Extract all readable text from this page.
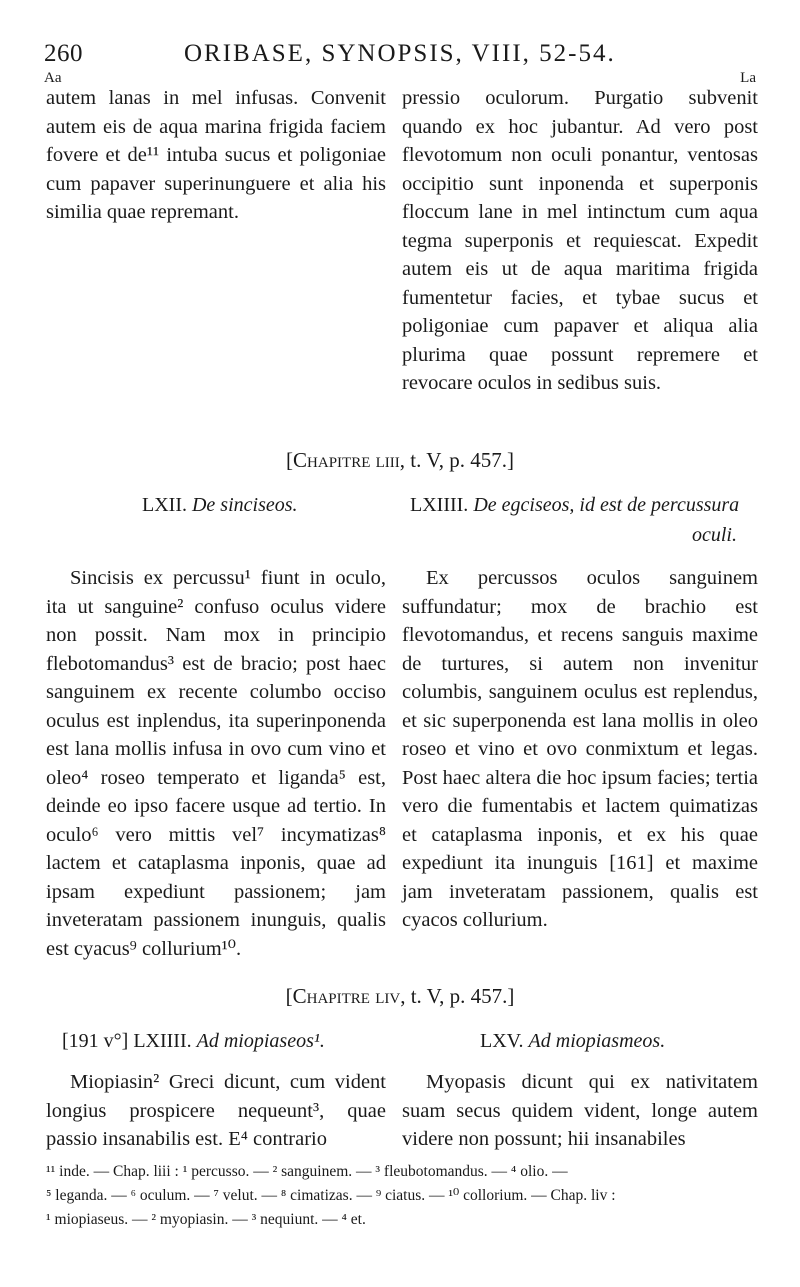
260	ORIBASE, SYNOPSIS, VIII, 52-54.
Aa	La

autem lanas in mel infusas. Convenit autem eis de aqua marina frigida faciem fovere et de¹¹ intuba sucus et poligoniae cum papaver superinunguere et alia his similia quae repremant.

pressio oculorum. Purgatio subvenit quando ex hoc jubantur. Ad vero post flevotomum non oculi ponantur, ventosas occipitio sunt inponenda et superponis floccum lane in mel intinctum cum aqua tegma superponis et requiescat. Expedit autem eis ut de aqua maritima frigida fumentetur facies, et tybae sucus et poligoniae cum papaver et aliqua alia plurima quae possunt repremere et revocare oculos in sedibus suis.

[Chapitre liii, t. V, p. 457.]
LXII. De sinciseos.	LXIIII. De egciseos, id est de percussura
oculi.

Sincisis ex percussu¹ fiunt in oculo, ita ut sanguine² confuso oculus videre non possit. Nam mox in principio flebotomandus³ est de bracio; post haec sanguinem ex recente columbo occiso oculus est inplendus, ita superinponenda est lana mollis infusa in ovo cum vino et oleo⁴ roseo temperato et liganda⁵ est, deinde eo ipso facere usque ad tertio. In oculo⁶ vero mittis vel⁷ incymatizas⁸ lactem et cataplasma inponis, quae ad ipsam expediunt passionem; jam inveteratam passionem inunguis, qualis est cyacus⁹ collurium¹⁰.

Ex percussos oculos sanguinem suffundatur; mox de brachio est flevotomandus, et recens sanguis maxime de turtures, si autem non invenitur columbis, sanguinem oculus est replendus, et sic superponenda est lana mollis in oleo roseo et vino et ovo conmixtum et legas. Post haec altera die hoc ipsum facies; tertia vero die fumentabis et lactem quimatizas et cataplasma inponis, et ex his quae expediunt ita inunguis [161] et maxime jam inveteratam passionem, qualis est cyacos collurium.

[Chapitre liv, t. V, p. 457.]
[191 v°] LXIIII. Ad miopiaseos¹.	LXV. Ad miopiasmeos.

Miopiasin² Greci dicunt, cum vident longius prospicere nequeunt³, quae passio insanabilis est. E⁴ contrario

Myopasis dicunt qui ex nativitatem suam secus quidem vident, longe autem videre non possunt; hii insanabiles

¹¹ inde. — Chap. liii : ¹ percusso. — ² sanguinem. — ³ fleubotomandus. — ⁴ olio. —

⁵ leganda. — ⁶ oculum. — ⁷ velut. — ⁸ cimatizas. — ⁹ ciatus. — ¹⁰ collorium. — Chap. liv :

¹ miopiaseus. — ² myopiasin. — ³ nequiunt. — ⁴ et.
